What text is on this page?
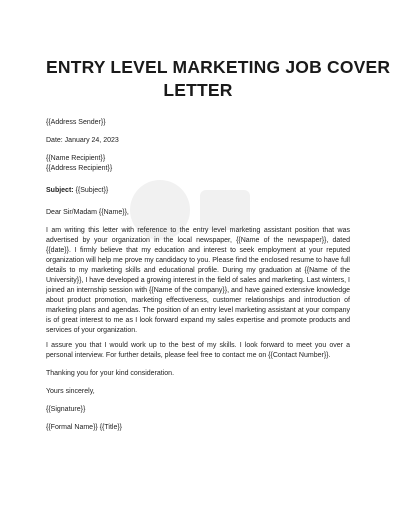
ENTRY LEVEL MARKETING JOB COVER
LETTER
{{Address Sender}}
Date: January 24, 2023
{{Name Recipient}}
{{Address Recipient}}
Subject: {{Subject}}
Dear Sir/Madam {{Name}},

I am writing this letter with reference to the entry level marketing assistant position that was advertised by your organization in the local newspaper, {{Name of the newspaper}}, dated {{date}}. I firmly believe that my education and interest to seek employment at your reputed organization will help me prove my candidacy to you. Please find the enclosed resume to have full details to my marketing skills and educational profile. During my graduation at {{Name of the University}}, I have developed a growing interest in the field of sales and marketing. Last winters, I joined an internship session with {{Name of the company}}, and have gained extensive knowledge about product promotion, marketing effectiveness, customer relationships and introduction of marketing plans and agendas. The position of an entry level marketing assistant at your company is of great interest to me as I look forward expand my sales expertise and promote products and services of your organization.

I assure you that I would work up to the best of my skills. I look forward to meet you over a personal interview. For further details, please feel free to contact me on {{Contact Number}}.

Thanking you for your kind consideration.
Yours sincerely,
{{Signature}}
{{Formal Name}} {{Title}}
